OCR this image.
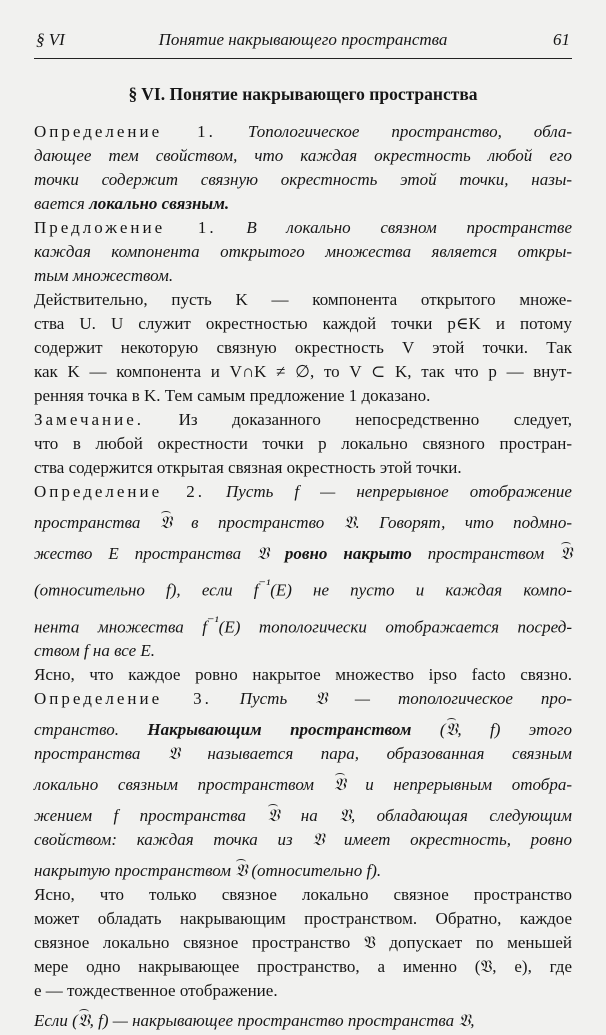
§ VI	Понятие накрывающего пространства	61
§ VI. Понятие накрывающего пространства
Определение 1. Топологическое пространство, обла-
дающее тем свойством, что каждая окрестность любой его
точки содержит связную окрестность этой точки, назы-
вается локально связным.
Предложение 1. В локально связном пространстве
каждая компонента открытого множества является откры-
тым множеством.
Действительно, пусть K — компонента открытого множе-
ства U. U служит окрестностью каждой точки p∈K и потому
содержит некоторую связную окрестность V этой точки. Так
как K — компонента и V∩K ≠ ∅, то V ⊂ K, так что p — внут-
ренняя точка в K. Тем самым предложение 1 доказано.
Замечание. Из доказанного непосредственно следует,
что в любой окрестности точки p локально связного простран-
ства содержится открытая связная окрестность этой точки.
Определение 2. Пусть f — непрерывное отображение
пространства 𝔙 в пространство 𝔙. Говорят, что подмно-
жество E пространства 𝔙 ровно накрыто пространством 𝔙
(относительно f), если $f^{^{-1}}(E)$ не пусто и каждая компо-
нента множества $f^{^{-1}}(E)$ топологически отображается посред-
ством f на все E.
Ясно, что каждое ровно накрытое множество ipso facto связно.
Определение 3. Пусть 𝔙 — топологическое про-
странство. Накрывающим пространством (𝔙, f) этого
пространства 𝔙 называется пара, образованная связным
локально связным пространством 𝔙 и непрерывным отобра-
жением f пространства 𝔙 на 𝔙, обладающая следующим
свойством: каждая точка из 𝔙 имеет окрестность, ровно
накрытую пространством 𝔙 (относительно f).
Ясно, что только связное локально связное пространство
может обладать накрывающим пространством. Обратно, каждое
связное локально связное пространство 𝔙 допускает по меньшей
мере одно накрывающее пространство, а именно (𝔙, e), где
e — тождественное отображение.
Если (𝔙, f) — накрывающее пространство пространства 𝔙,
